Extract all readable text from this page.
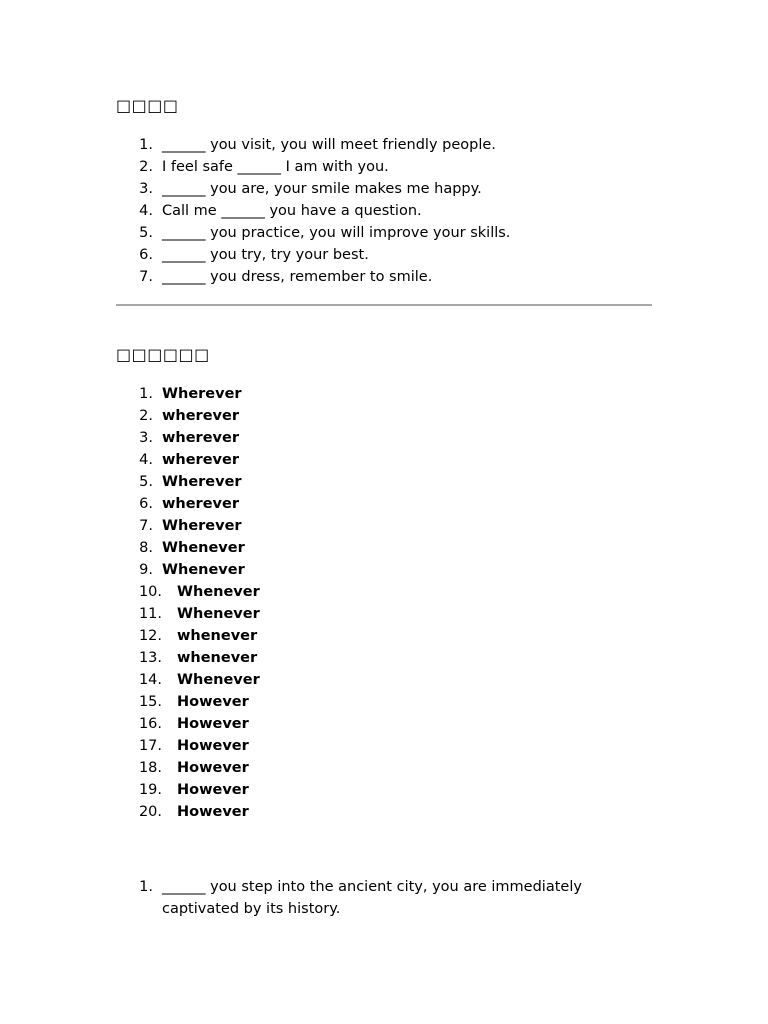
□□□□
1. ______ you visit, you will meet friendly people.
2. I feel safe ______ I am with you.
3. ______ you are, your smile makes me happy.
4. Call me ______ you have a question.
5. ______ you practice, you will improve your skills.
6. ______ you try, try your best.
7. ______ you dress, remember to smile.
□□□□□□
1. Wherever
2. wherever
3. wherever
4. wherever
5. Wherever
6. wherever
7. Wherever
8. Whenever
9. Whenever
10.	Whenever
11.	Whenever
12.	whenever
13.	whenever
14.	Whenever
15.	However
16.	However
17.	However
18.	However
19.	However
20.	However
1. ______ you step into the ancient city, you are immediately captivated by its history.
